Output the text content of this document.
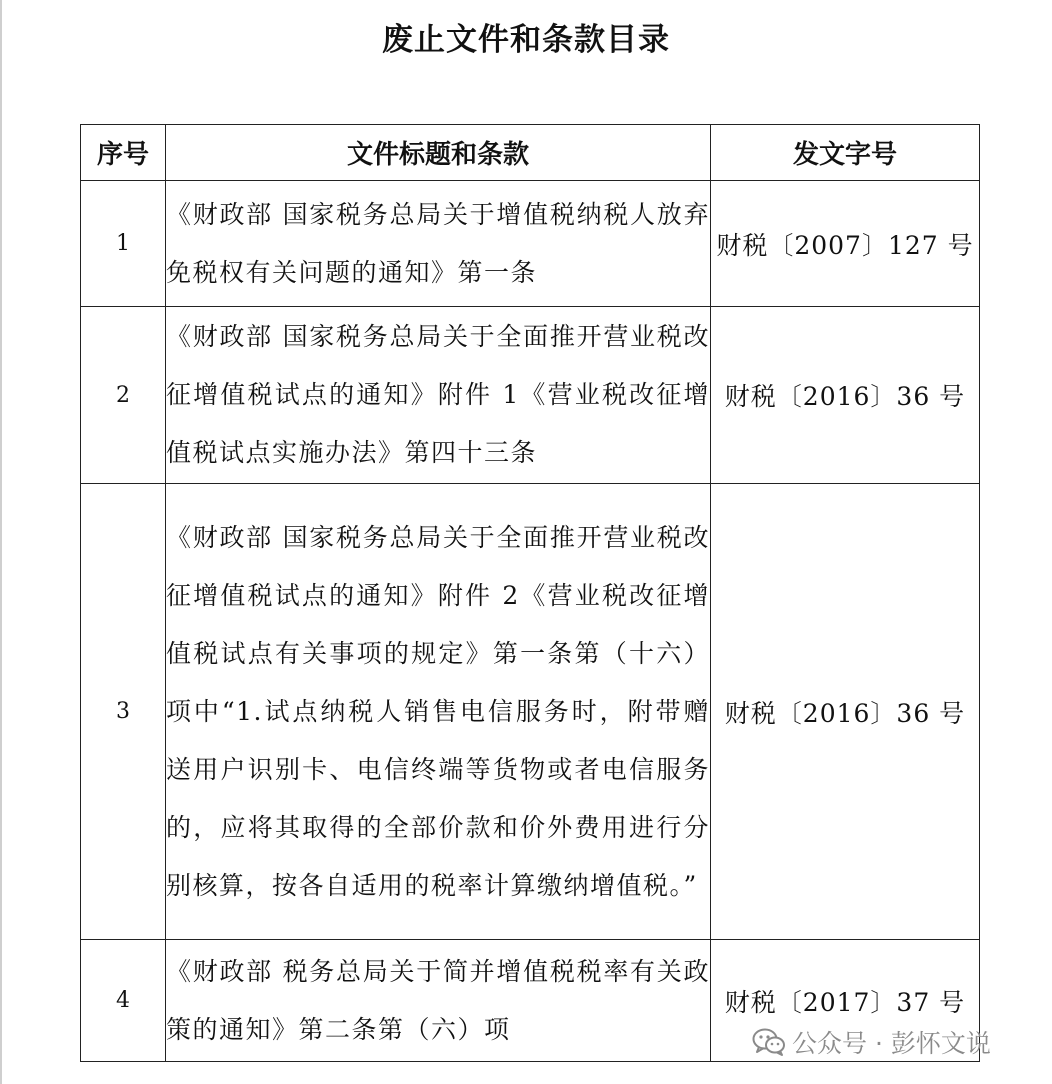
废止文件和条款目录
序号	文件标题和条款	发文字号
1	《财政部 国家税务总局关于增值税纳税人放弃免税权有关问题的通知》第一条	财税〔2007〕127 号
2	《财政部 国家税务总局关于全面推开营业税改征增值税试点的通知》附件 1《营业税改征增值税试点实施办法》第四十三条	财税〔2016〕36 号
3	《财政部 国家税务总局关于全面推开营业税改征增值税试点的通知》附件 2《营业税改征增值税试点有关事项的规定》第一条第（十六）项中“1.试点纳税人销售电信服务时，附带赠送用户识别卡、电信终端等货物或者电信服务的，应将其取得的全部价款和价外费用进行分别核算，按各自适用的税率计算缴纳增值税。”	财税〔2016〕36 号
4	《财政部 税务总局关于简并增值税税率有关政策的通知》第二条第（六）项	财税〔2017〕37 号
公众号 · 彭怀文说
